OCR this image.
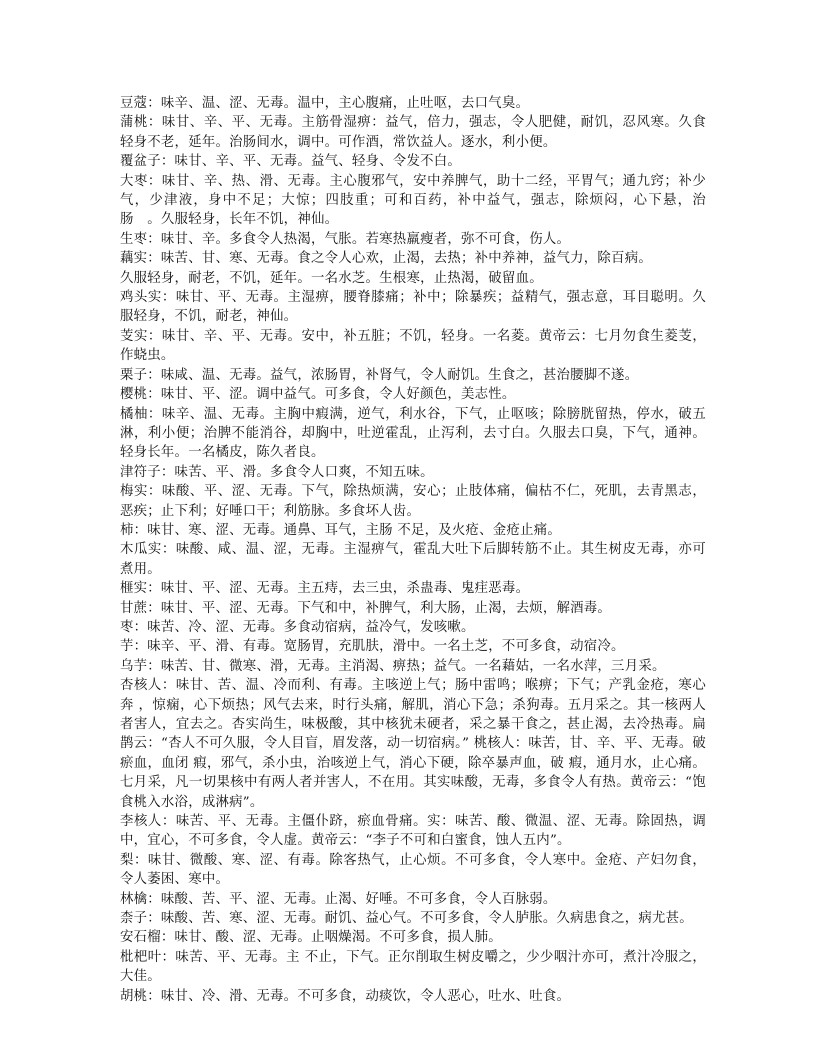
豆蔻：味辛、温、涩、无毒。温中，主心腹痛，止吐呕，去口气臭。

蒲桃：味甘、辛、平、无毒。主筋骨湿痹：益气，倍力，强志，令人肥健，耐饥，忍风寒。久食轻身不老，延年。治肠间水，调中。可作酒，常饮益人。逐水，利小便。

覆盆子：味甘、辛、平、无毒。益气、轻身、令发不白。

大枣：味甘、辛、热、滑、无毒。主心腹邪气，安中养脾气，助十二经，平胃气；通九窍；补少气，少津液，身中不足；大惊；四肢重；可和百药，补中益气，强志，除烦闷，心下悬，治肠　。久服轻身，长年不饥，神仙。

生枣：味甘、辛。多食令人热渴，气胀。若寒热羸瘦者，弥不可食，伤人。

藕实：味苦、甘、寒、无毒。食之令人心欢，止渴，去热；补中养神，益气力，除百病。

久服轻身，耐老，不饥，延年。一名水芝。生根寒，止热渴，破留血。

鸡头实：味甘、平、无毒。主湿痹，腰脊膝痛；补中；除暴疾；益精气，强志意，耳目聪明。久服轻身，不饥，耐老，神仙。

芰实：味甘、辛、平、无毒。安中，补五脏；不饥，轻身。一名菱。黄帝云：七月勿食生菱芰，作蛲虫。

栗子：味咸、温、无毒。益气，浓肠胃，补肾气，令人耐饥。生食之，甚治腰脚不遂。

樱桃：味甘、平、涩。调中益气。可多食，令人好颜色，美志性。

橘柚：味辛、温、无毒。主胸中瘕满，逆气，利水谷，下气，止呕咳；除膀胱留热，停水，破五淋，利小便；治脾不能消谷，却胸中，吐逆霍乱，止泻利，去寸白。久服去口臭，下气，通神。轻身长年。一名橘皮，陈久者良。

津符子：味苦、平、滑。多食令人口爽，不知五味。

梅实：味酸、平、涩、无毒。下气，除热烦满，安心；止肢体痛，偏枯不仁，死肌，去青黑志，恶疾；止下利；好唾口干；利筋脉。多食坏人齿。

柿：味甘、寒、涩、无毒。通鼻、耳气，主肠 不足，及火疮、金疮止痛。

木瓜实：味酸、咸、温、涩，无毒。主湿痹气，霍乱大吐下后脚转筋不止。其生树皮无毒，亦可煮用。

榧实：味甘、平、涩、无毒。主五痔，去三虫，杀蛊毒、鬼疰恶毒。

甘蔗：味甘、平、涩、无毒。下气和中，补脾气，利大肠，止渴，去烦，解酒毒。

枣：味苦、冷、涩、无毒。多食动宿病，益冷气，发咳嗽。

芋：味辛、平、滑、有毒。宽肠胃，充肌肤，滑中。一名土芝，不可多食，动宿冷。

乌芋：味苦、甘、微寒、滑，无毒。主消渴、痹热；益气。一名藉姑，一名水萍，三月采。

杏核人：味甘、苦、温、冷而利、有毒。主咳逆上气；肠中雷鸣；喉痹；下气；产乳金疮，寒心奔 ，惊痫，心下烦热；风气去来，时行头痛，解肌，消心下急；杀狗毒。五月采之。其一核两人者害人，宜去之。杏实尚生，味极酸，其中核犹未硬者，采之暴干食之，甚止渴，去冷热毒。扁鹊云：“杏人不可久服，令人目盲，眉发落，动一切宿病。” 桃核人：味苦，甘、辛、平、无毒。破瘀血，血闭 瘕，邪气，杀小虫，治咳逆上气，消心下硬，除卒暴声血，破 瘕，通月水，止心痛。七月采，凡一切果核中有两人者并害人，不在用。其实味酸，无毒，多食令人有热。黄帝云：“饱食桃入水浴，成淋病”。

李核人：味苦、平、无毒。主僵仆跻，瘀血骨痛。实：味苦、酸、微温、涩、无毒。除固热，调中，宜心，不可多食，令人虚。黄帝云：“李子不可和白蜜食，蚀人五内”。

梨：味甘、微酸、寒、涩、有毒。除客热气，止心烦。不可多食，令人寒中。金疮、产妇勿食，令人萎困、寒中。

林檎：味酸、苦、平、涩、无毒。止渴、好唾。不可多食，令人百脉弱。

柰子：味酸、苦、寒、涩、无毒。耐饥、益心气。不可多食，令人胪胀。久病患食之，病尤甚。

安石榴：味甘、酸、涩、无毒。止咽燥渴。不可多食，损人肺。

枇杷叶：味苦、平、无毒。主 不止，下气。正尔削取生树皮嚼之，少少咽汁亦可，煮汁冷服之，大佳。

胡桃：味甘、冷、滑、无毒。不可多食，动痰饮，令人恶心，吐水、吐食。
